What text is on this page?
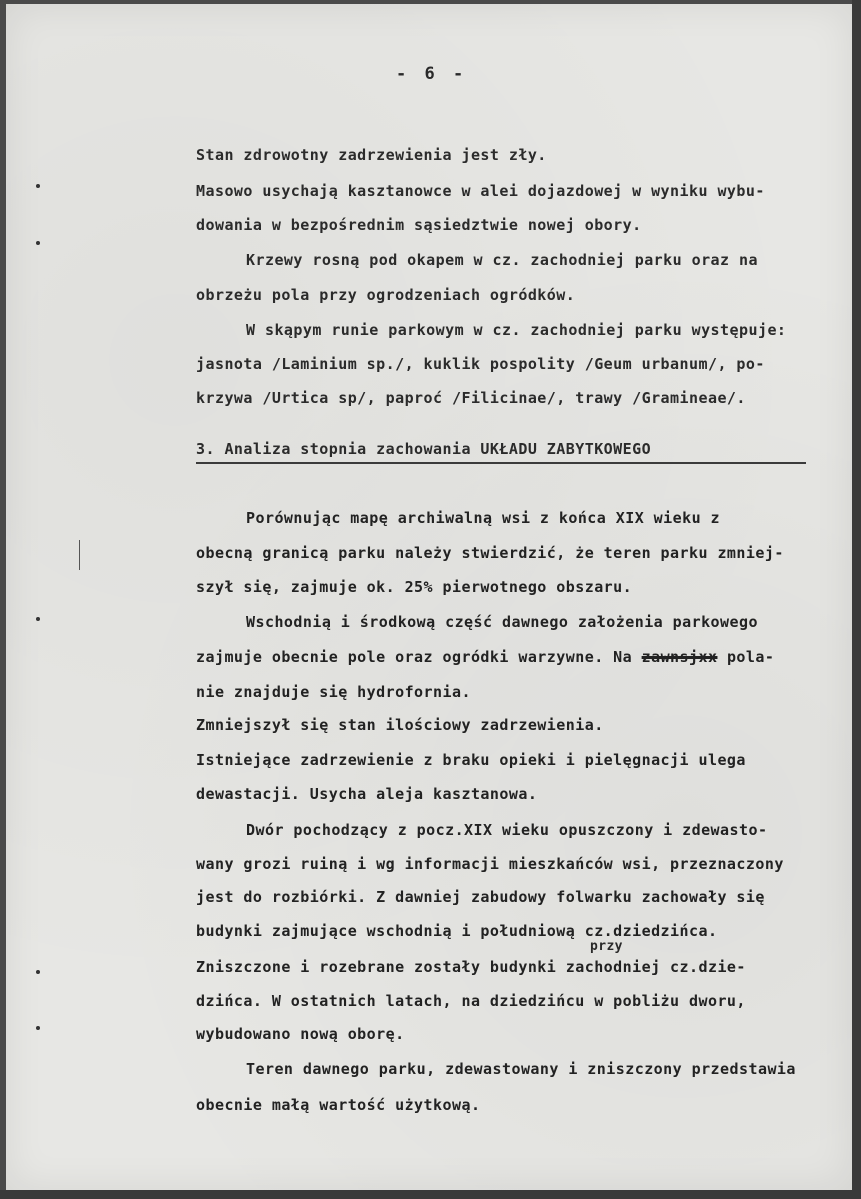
- 6 -
Stan zdrowotny zadrzewienia jest zły.
Masowo usychają kasztanowce w alei dojazdowej w wyniku wybu-
dowania w bezpośrednim sąsiedztwie nowej obory.
Krzewy rosną pod okapem w cz. zachodniej parku oraz na
obrzeżu pola przy ogrodzeniach ogródków.
W skąpym runie parkowym w cz. zachodniej parku występuje:
jasnota /Laminium sp./, kuklik pospolity /Geum urbanum/, po-
krzywa /Urtica sp/, paproć /Filicinae/, trawy /Gramineae/.
3. Analiza stopnia zachowania UKŁADU ZABYTKOWEGO
Porównując mapę archiwalną wsi z końca XIX wieku z
obecną granicą parku należy stwierdzić, że teren parku zmniej-
szył się, zajmuje ok. 25% pierwotnego obszaru.
Wschodnią i środkową część dawnego założenia parkowego
zajmuje obecnie pole oraz ogródki warzywne. Na zawnsjxx pola-
nie znajduje się hydrofornia.
Zmniejszył się stan ilościowy zadrzewienia.
Istniejące zadrzewienie z braku opieki i pielęgnacji ulega
dewastacji. Usycha aleja kasztanowa.
Dwór pochodzący z pocz.XIX wieku opuszczony i zdewasto-
wany grozi ruiną i wg informacji mieszkańców wsi, przeznaczony
jest do rozbiórki. Z dawniej zabudowy folwarku zachowały się
budynki zajmujące wschodnią i południową cz.dziedzińca.
przy
Zniszczone i rozebrane zostały budynki zachodniej cz.dzie-
dzińca. W ostatnich latach, na dziedzińcu w pobliżu dworu,
wybudowano nową oborę.
Teren dawnego parku, zdewastowany i zniszczony przedstawia
obecnie małą wartość użytkową.
